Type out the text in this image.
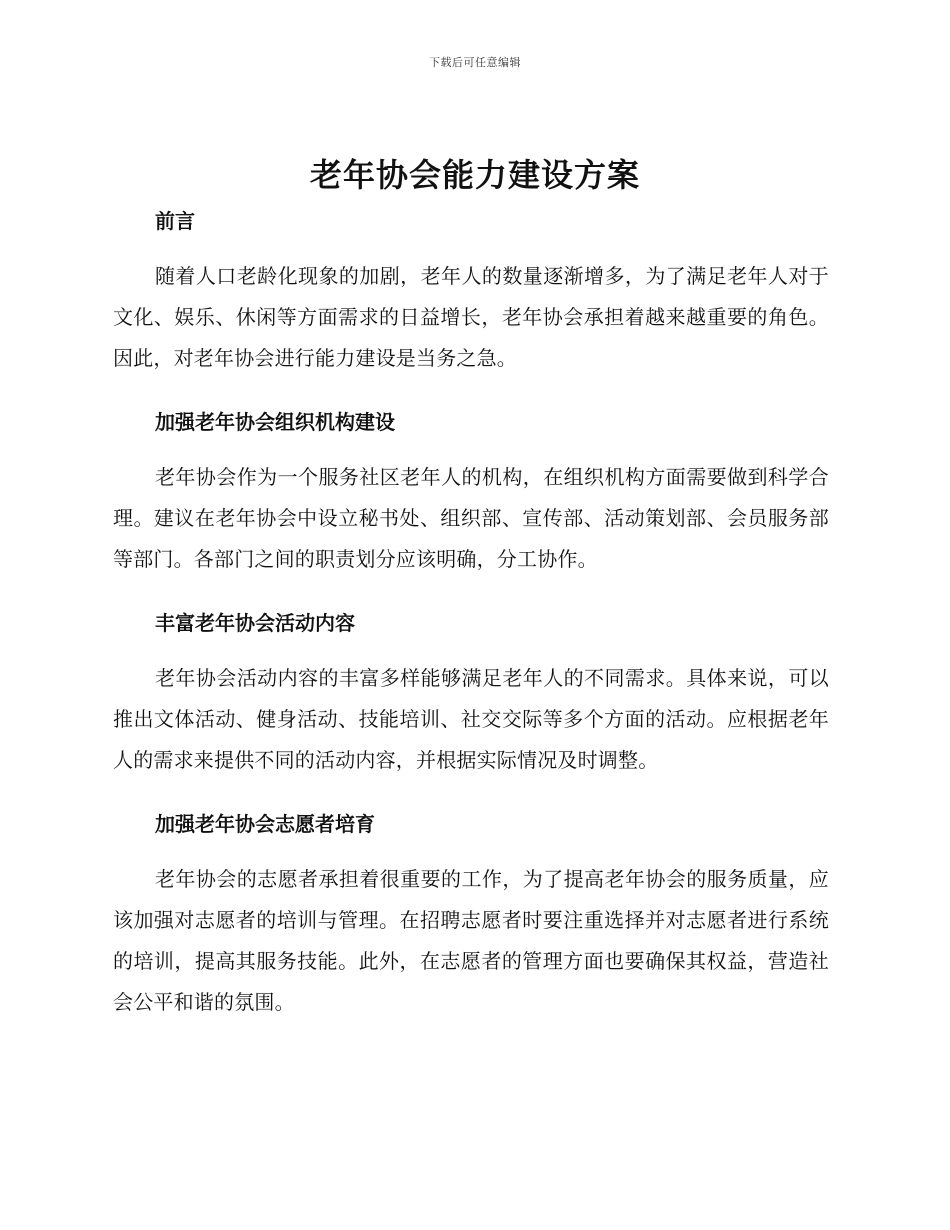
下载后可任意编辑
老年协会能力建设方案
前言

随着人口老龄化现象的加剧，老年人的数量逐渐增多，为了满足老年人对于文化、娱乐、休闲等方面需求的日益增长，老年协会承担着越来越重要的角色。因此，对老年协会进行能力建设是当务之急。

加强老年协会组织机构建设

老年协会作为一个服务社区老年人的机构，在组织机构方面需要做到科学合理。建议在老年协会中设立秘书处、组织部、宣传部、活动策划部、会员服务部等部门。各部门之间的职责划分应该明确，分工协作。

丰富老年协会活动内容

老年协会活动内容的丰富多样能够满足老年人的不同需求。具体来说，可以推出文体活动、健身活动、技能培训、社交交际等多个方面的活动。应根据老年人的需求来提供不同的活动内容，并根据实际情况及时调整。

加强老年协会志愿者培育

老年协会的志愿者承担着很重要的工作，为了提高老年协会的服务质量，应该加强对志愿者的培训与管理。在招聘志愿者时要注重选择并对志愿者进行系统的培训，提高其服务技能。此外，在志愿者的管理方面也要确保其权益，营造社会公平和谐的氛围。
